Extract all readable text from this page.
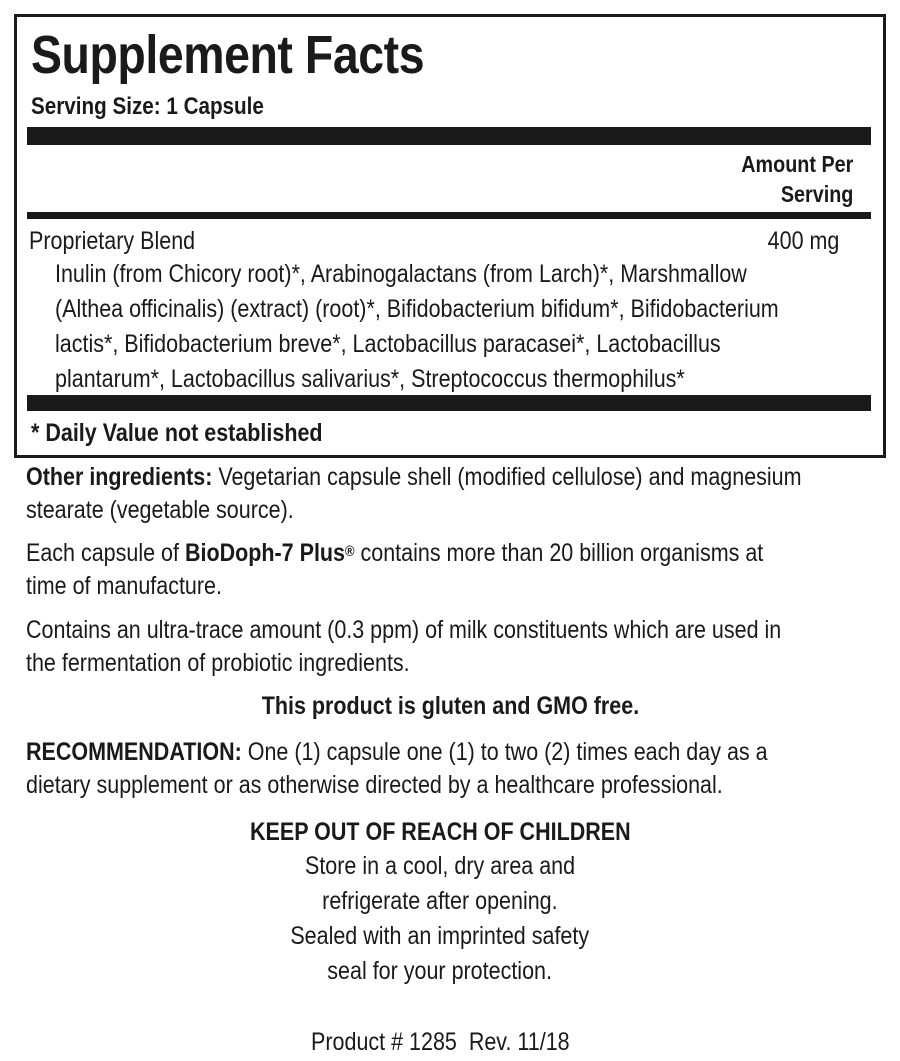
Supplement Facts
Serving Size: 1 Capsule
Amount Per
Serving
Proprietary Blend	400 mg
Inulin (from Chicory root)*, Arabinogalactans (from Larch)*, Marshmallow
(Althea officinalis) (extract) (root)*, Bifidobacterium bifidum*, Bifidobacterium
lactis*, Bifidobacterium breve*, Lactobacillus paracasei*, Lactobacillus
plantarum*, Lactobacillus salivarius*, Streptococcus thermophilus*
* Daily Value not established
Other ingredients: Vegetarian capsule shell (modified cellulose) and magnesium
stearate (vegetable source).
Each capsule of BioDoph-7 Plus® contains more than 20 billion organisms at
time of manufacture.
Contains an ultra-trace amount (0.3 ppm) of milk constituents which are used in
the fermentation of probiotic ingredients.
This product is gluten and GMO free.
RECOMMENDATION: One (1) capsule one (1) to two (2) times each day as a
dietary supplement or as otherwise directed by a healthcare professional.
KEEP OUT OF REACH OF CHILDREN
Store in a cool, dry area and
refrigerate after opening.
Sealed with an imprinted safety
seal for your protection.
Product # 1285  Rev. 11/18
